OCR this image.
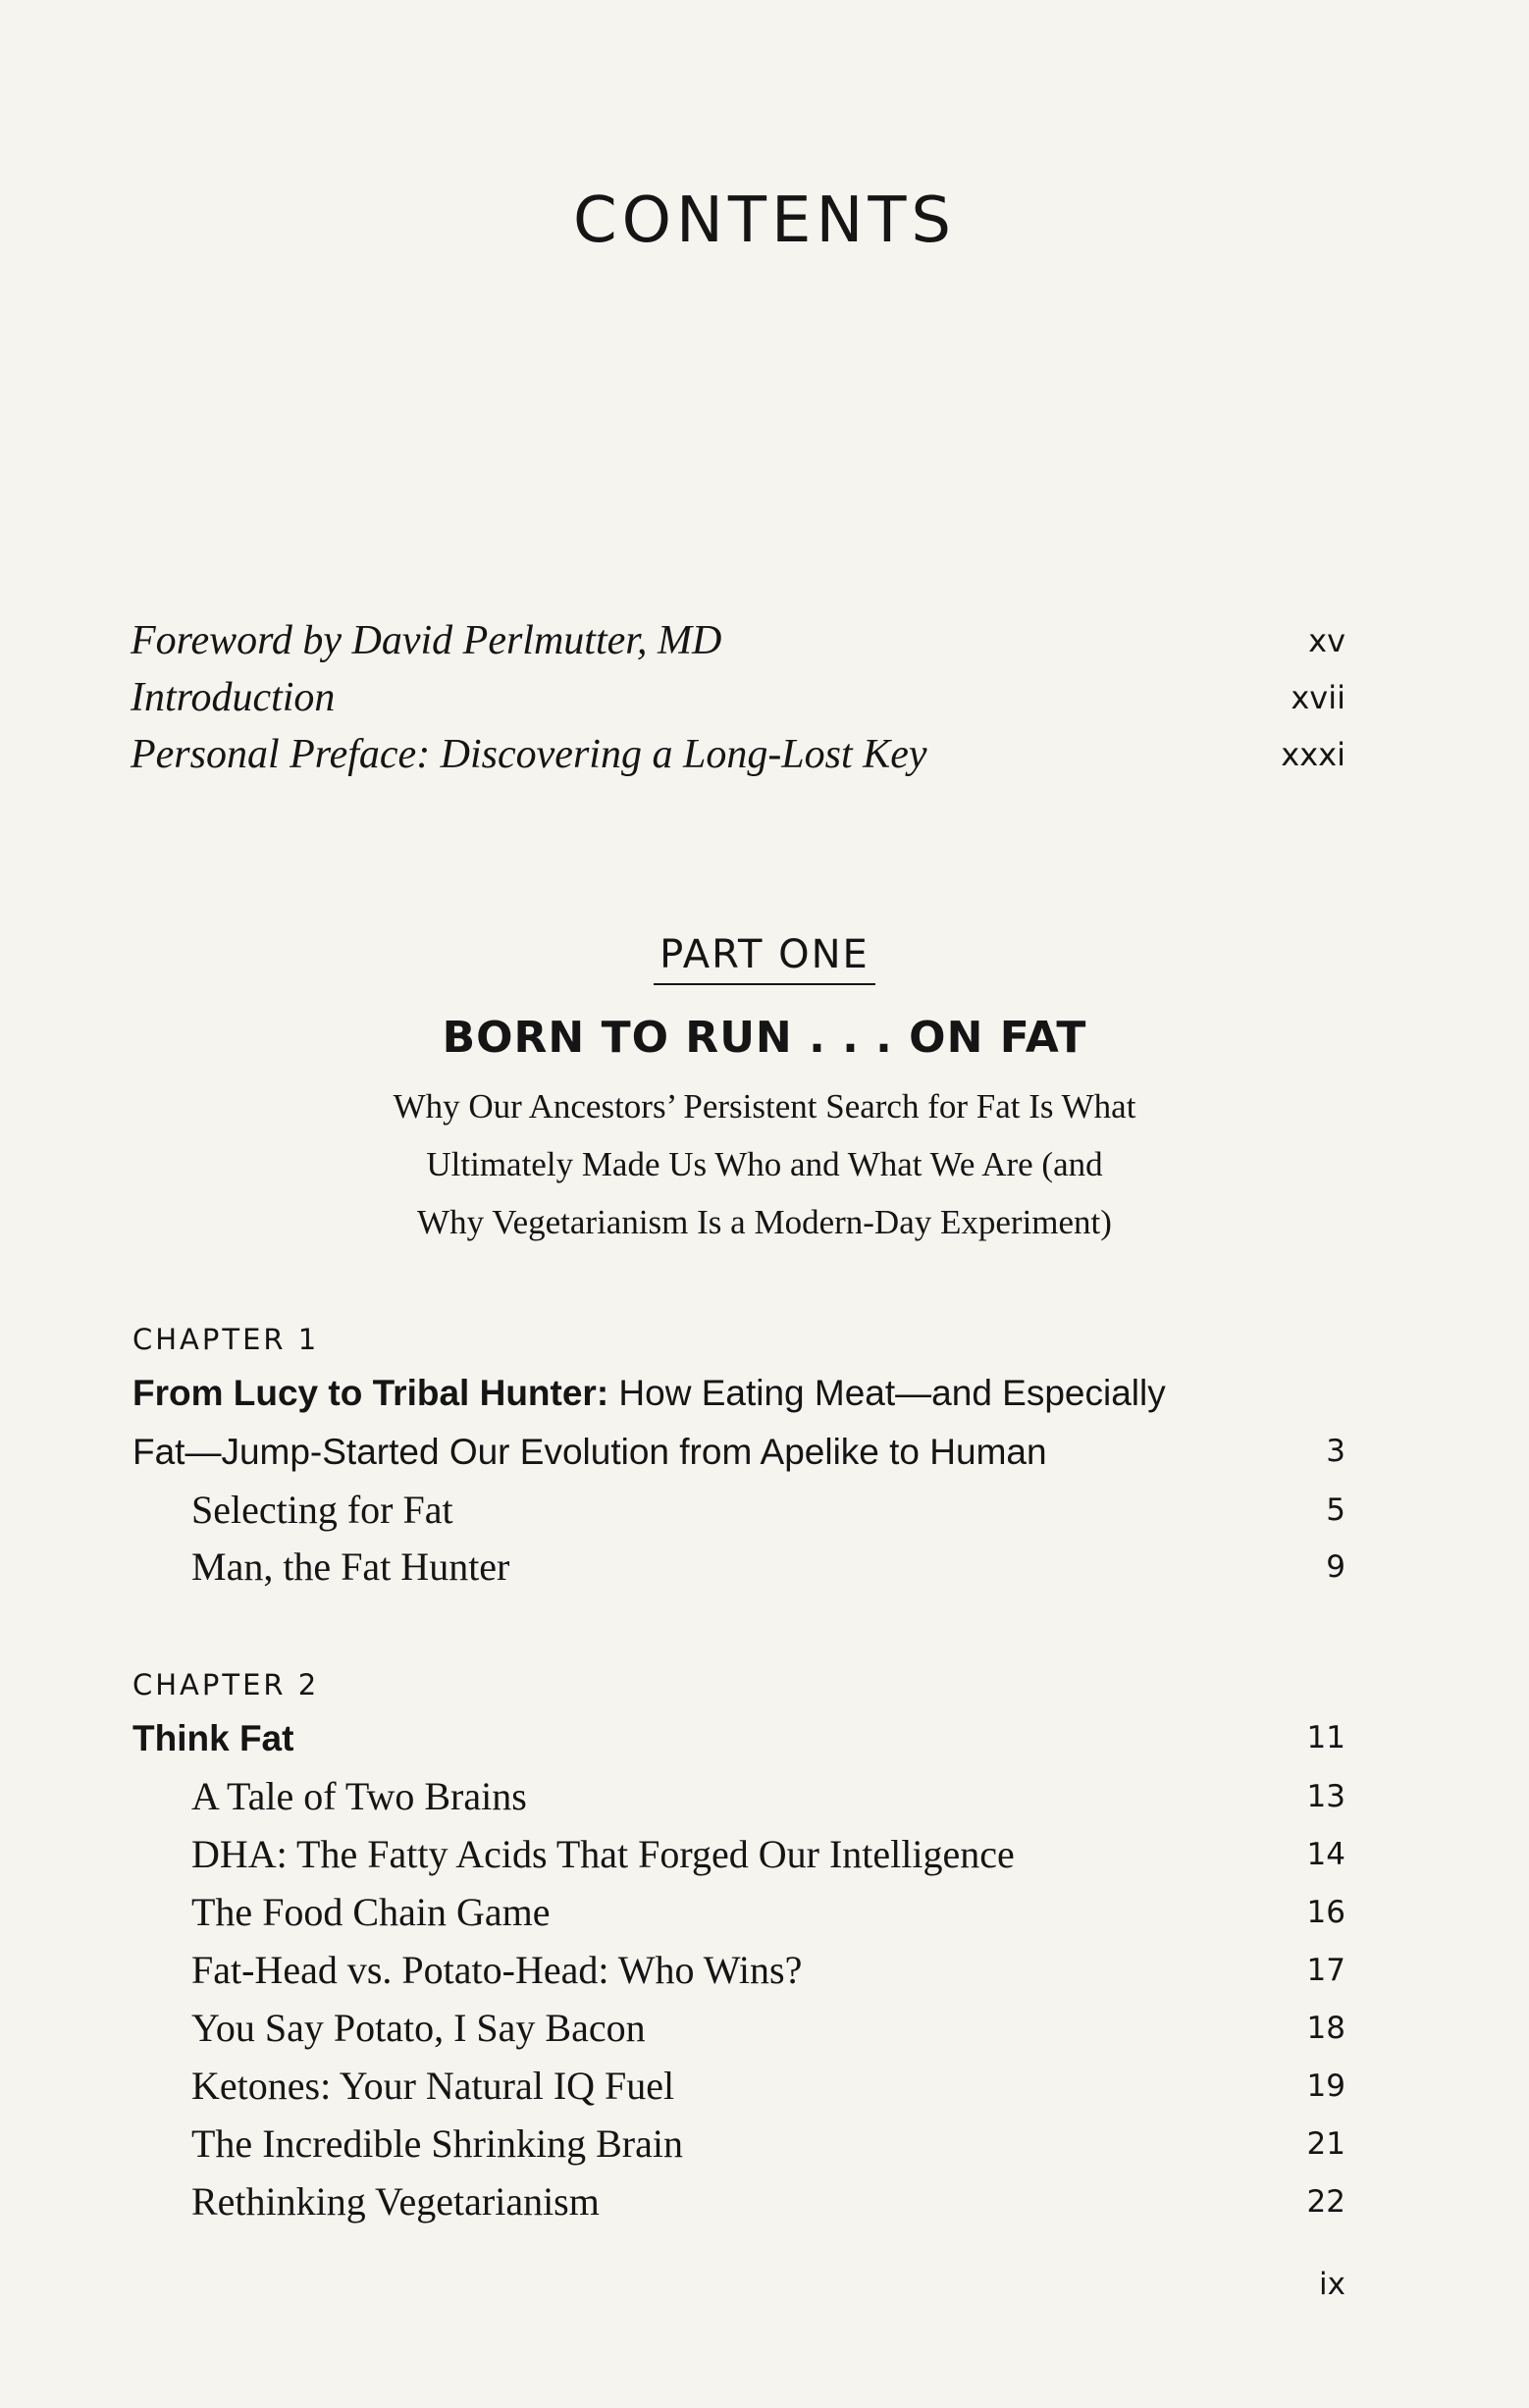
CONTENTS
Foreword by David Perlmutter, MD	xv
Introduction	xvii
Personal Preface: Discovering a Long-Lost Key	xxxi
PART ONE
BORN TO RUN . . . ON FAT
Why Our Ancestors’ Persistent Search for Fat Is What
Ultimately Made Us Who and What We Are (and
Why Vegetarianism Is a Modern-Day Experiment)
CHAPTER 1
From Lucy to Tribal Hunter: How Eating Meat—and Especially
Fat—Jump-Started Our Evolution from Apelike to Human	3
Selecting for Fat	5
Man, the Fat Hunter	9
CHAPTER 2
Think Fat	11
A Tale of Two Brains	13
DHA: The Fatty Acids That Forged Our Intelligence	14
The Food Chain Game	16
Fat-Head vs. Potato-Head: Who Wins?	17
You Say Potato, I Say Bacon	18
Ketones: Your Natural IQ Fuel	19
The Incredible Shrinking Brain	21
Rethinking Vegetarianism	22
ix
